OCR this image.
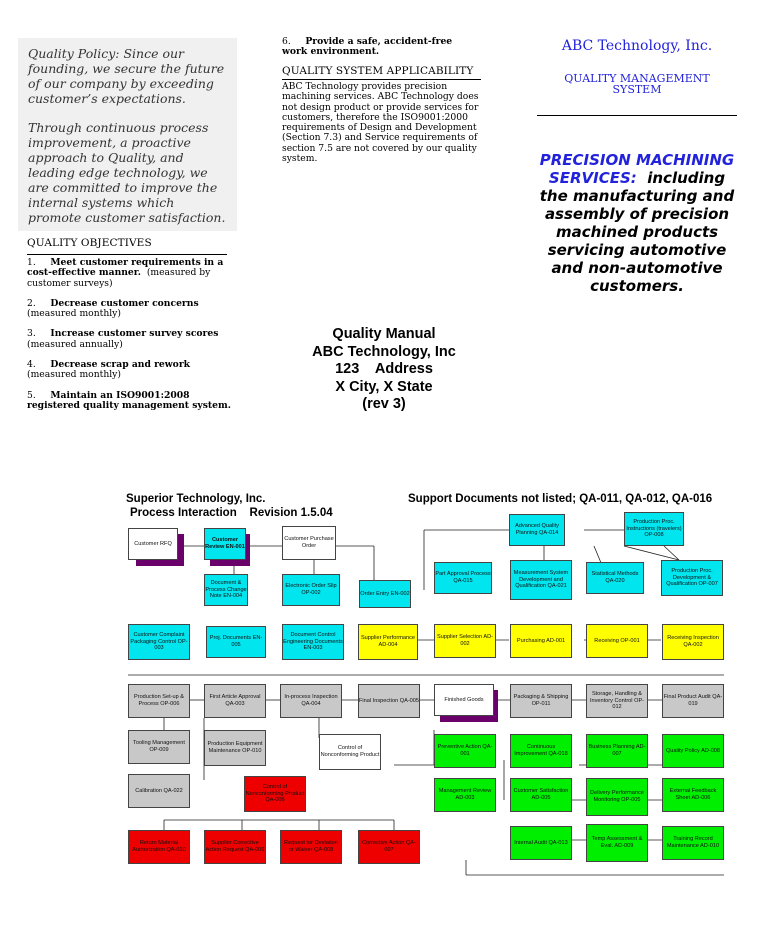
Quality Policy: Since our founding, we secure the future of our company by exceeding customer’s expectations.

Through continuous process improvement, a proactive approach to Quality, and leading edge technology, we are committed to improve the internal systems which promote customer satisfaction.

QUALITY OBJECTIVES
1. Meet customer requirements in a cost-effective manner. (measured by customer surveys)
2. Decrease customer concerns
(measured monthly)
3. Increase customer survey scores
(measured annually)
4. Decrease scrap and rework
(measured monthly)
5. Maintain an ISO9001:2008 registered quality management system.
6. Provide a safe, accident-free work environment.
QUALITY SYSTEM APPLICABILITY
ABC Technology provides precision machining services. ABC Technology does not design product or provide services for customers, therefore the ISO9001:2000 requirements of Design and Development (Section 7.3) and Service requirements of section 7.5 are not covered by our quality system.
ABC Technology, Inc.
QUALITY MANAGEMENT
SYSTEM
PRECISION MACHINING SERVICES: including the manufacturing and assembly of precision machined products servicing automotive and non-automotive customers.
Quality Manual
ABC Technology, Inc
123    Address
X City, X State
(rev 3)
Superior Technology, Inc.
Process Interaction    Revision 1.5.04
Support Documents not listed; QA-011, QA-012, QA-016
Customer RFQ
Customer Review EN-001
Customer Purchase Order
Document & Process Change Note EN-004
Electronic Order Slip OP-002	Order Entry EN-002
Advanced Quality Planning QA-014
Production Proc. Instructions (travelers) OP-008
Part Approval Process QA-015
Measurement System Development and Qualification QA-021
Statistical Methods QA-020
Production Proc. Development & Qualification OP-007
Customer Complaint Packaging Control OP-003
Proj. Documents EN-005
Document Control Engineering Documents EN-003
Supplier Performance AD-004
Supplier Selection AD-002
Purchasing AD-001	Receiving OP-001	Receiving Inspection QA-002
Production Set-up & Process OP-006
First Article Approval QA-003
In-process Inspection QA-004
Final Inspection QA-005	Finished Goods	Packaging & Shipping OP-011
Storage, Handling & Inventory Control OP-012
Final Product Audit QA-019
Tooling Management OP-009
Production Equipment Maintenance OP-010	Control of Nonconforming Product
Preventive Action QA-001
Continuous Improvement QA-018
Business Planning AD-007
Quality Policy AD-008
Calibration QA-022
Control of Nonconforming Product QA-006
Management Review AD-003
Customer Satisfaction AD-005
Delivery Performance Monitoring OP-005
External Feedback Sheet AD-006
Return Material Authorization QA-010
Supplier Corrective Action Request QA-009
Request for Deviation or Waiver QA-008
Corrective Action QA-007
Internal Audit QA-013
Temp Assessment & Eval. AD-009
Training Record Maintenance AD-010
